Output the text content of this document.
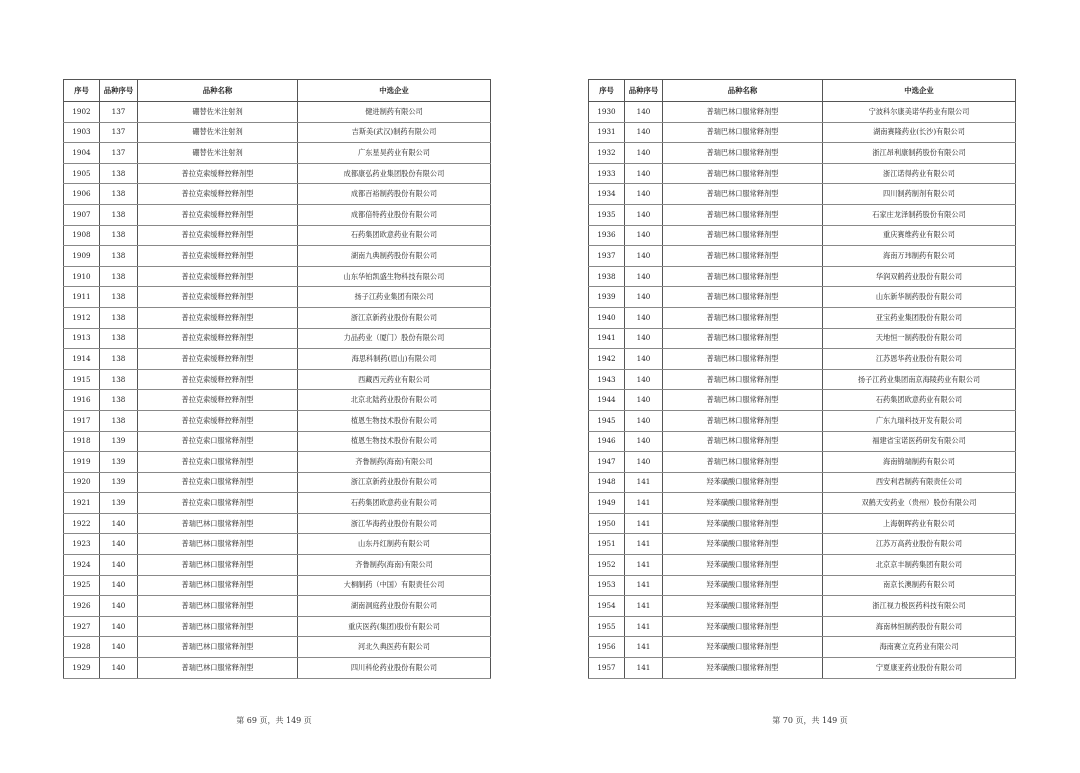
序号	品种序号	品种名称	中选企业
1902	137	硼替佐米注射剂	健进制药有限公司
1903	137	硼替佐米注射剂	吉斯美(武汉)制药有限公司
1904	137	硼替佐米注射剂	广东星昊药业有限公司
1905	138	普拉克索缓释控释剂型	成都康弘药业集团股份有限公司
1906	138	普拉克索缓释控释剂型	成都百裕制药股份有限公司
1907	138	普拉克索缓释控释剂型	成都倍特药业股份有限公司
1908	138	普拉克索缓释控释剂型	石药集团欧意药业有限公司
1909	138	普拉克索缓释控释剂型	湖南九典制药股份有限公司
1910	138	普拉克索缓释控释剂型	山东华铂凯盛生物科技有限公司
1911	138	普拉克索缓释控释剂型	扬子江药业集团有限公司
1912	138	普拉克索缓释控释剂型	浙江京新药业股份有限公司
1913	138	普拉克索缓释控释剂型	力品药业（厦门）股份有限公司
1914	138	普拉克索缓释控释剂型	海思科制药(眉山)有限公司
1915	138	普拉克索缓释控释剂型	西藏西元药业有限公司
1916	138	普拉克索缓释控释剂型	北京北陆药业股份有限公司
1917	138	普拉克索缓释控释剂型	植恩生物技术股份有限公司
1918	139	普拉克索口服常释剂型	植恩生物技术股份有限公司
1919	139	普拉克索口服常释剂型	齐鲁制药(海南)有限公司
1920	139	普拉克索口服常释剂型	浙江京新药业股份有限公司
1921	139	普拉克索口服常释剂型	石药集团欧意药业有限公司
1922	140	普瑞巴林口服常释剂型	浙江华海药业股份有限公司
1923	140	普瑞巴林口服常释剂型	山东丹红制药有限公司
1924	140	普瑞巴林口服常释剂型	齐鲁制药(海南)有限公司
1925	140	普瑞巴林口服常释剂型	大桐制药（中国）有限责任公司
1926	140	普瑞巴林口服常释剂型	湖南洞庭药业股份有限公司
1927	140	普瑞巴林口服常释剂型	重庆医药(集团)股份有限公司
1928	140	普瑞巴林口服常释剂型	河北久典医药有限公司
1929	140	普瑞巴林口服常释剂型	四川科伦药业股份有限公司
第 69 页，共 149 页
序号	品种序号	品种名称	中选企业
1930	140	普瑞巴林口服常释剂型	宁波科尔康美诺华药业有限公司
1931	140	普瑞巴林口服常释剂型	湖南赛隆药业(长沙)有限公司
1932	140	普瑞巴林口服常释剂型	浙江昂利康制药股份有限公司
1933	140	普瑞巴林口服常释剂型	浙江诺得药业有限公司
1934	140	普瑞巴林口服常释剂型	四川制药制剂有限公司
1935	140	普瑞巴林口服常释剂型	石家庄龙泽制药股份有限公司
1936	140	普瑞巴林口服常释剂型	重庆赛维药业有限公司
1937	140	普瑞巴林口服常释剂型	海南万玮制药有限公司
1938	140	普瑞巴林口服常释剂型	华润双鹤药业股份有限公司
1939	140	普瑞巴林口服常释剂型	山东新华制药股份有限公司
1940	140	普瑞巴林口服常释剂型	亚宝药业集团股份有限公司
1941	140	普瑞巴林口服常释剂型	天地恒一制药股份有限公司
1942	140	普瑞巴林口服常释剂型	江苏恩华药业股份有限公司
1943	140	普瑞巴林口服常释剂型	扬子江药业集团南京海陵药业有限公司
1944	140	普瑞巴林口服常释剂型	石药集团欧意药业有限公司
1945	140	普瑞巴林口服常释剂型	广东九瑞科技开发有限公司
1946	140	普瑞巴林口服常释剂型	福建省宝诺医药研发有限公司
1947	140	普瑞巴林口服常释剂型	海南锦瑞制药有限公司
1948	141	羟苯磺酸口服常释剂型	西安利君制药有限责任公司
1949	141	羟苯磺酸口服常释剂型	双鹤天安药业（贵州）股份有限公司
1950	141	羟苯磺酸口服常释剂型	上海朝晖药业有限公司
1951	141	羟苯磺酸口服常释剂型	江苏万高药业股份有限公司
1952	141	羟苯磺酸口服常释剂型	北京京丰制药集团有限公司
1953	141	羟苯磺酸口服常释剂型	南京长澳制药有限公司
1954	141	羟苯磺酸口服常释剂型	浙江视力极医药科技有限公司
1955	141	羟苯磺酸口服常释剂型	海南林恒制药股份有限公司
1956	141	羟苯磺酸口服常释剂型	海南赛立克药业有限公司
1957	141	羟苯磺酸口服常释剂型	宁夏康亚药业股份有限公司
第 70 页，共 149 页
